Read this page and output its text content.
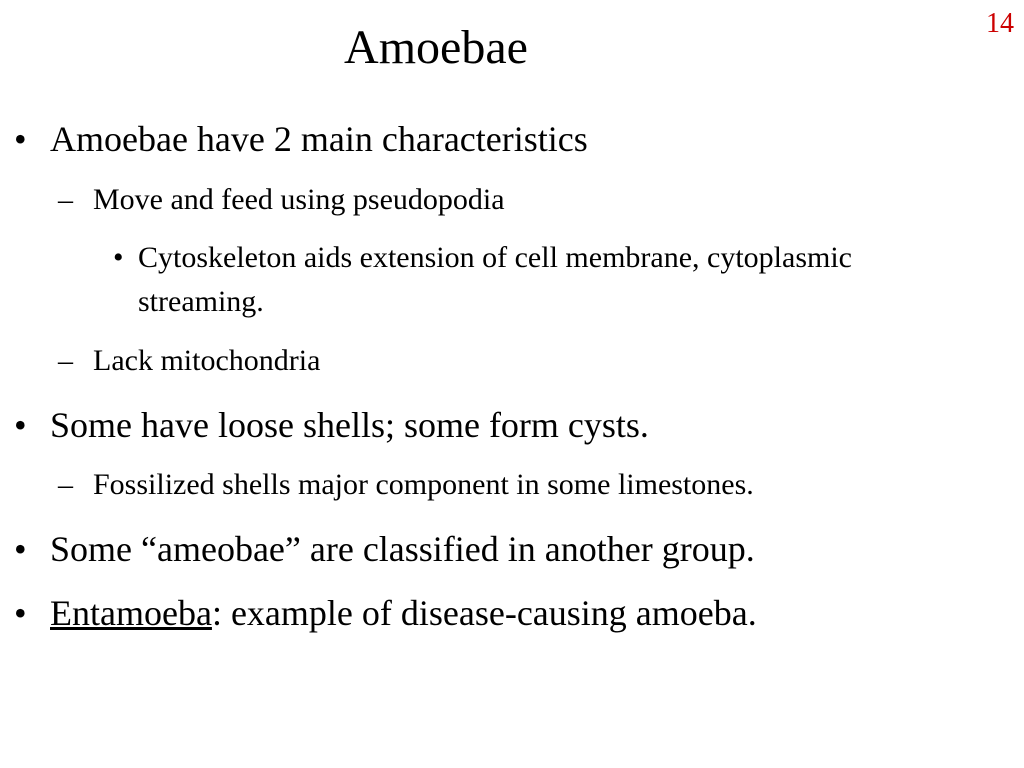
14
Amoebae
• Amoebae have 2 main characteristics
– Move and feed using pseudopodia
• Cytoskeleton aids extension of cell membrane, cytoplasmic streaming.
– Lack mitochondria
• Some have loose shells; some form cysts.
– Fossilized shells major component in some limestones.
• Some “ameobae” are classified in another group.
• Entamoeba: example of disease-causing amoeba.
